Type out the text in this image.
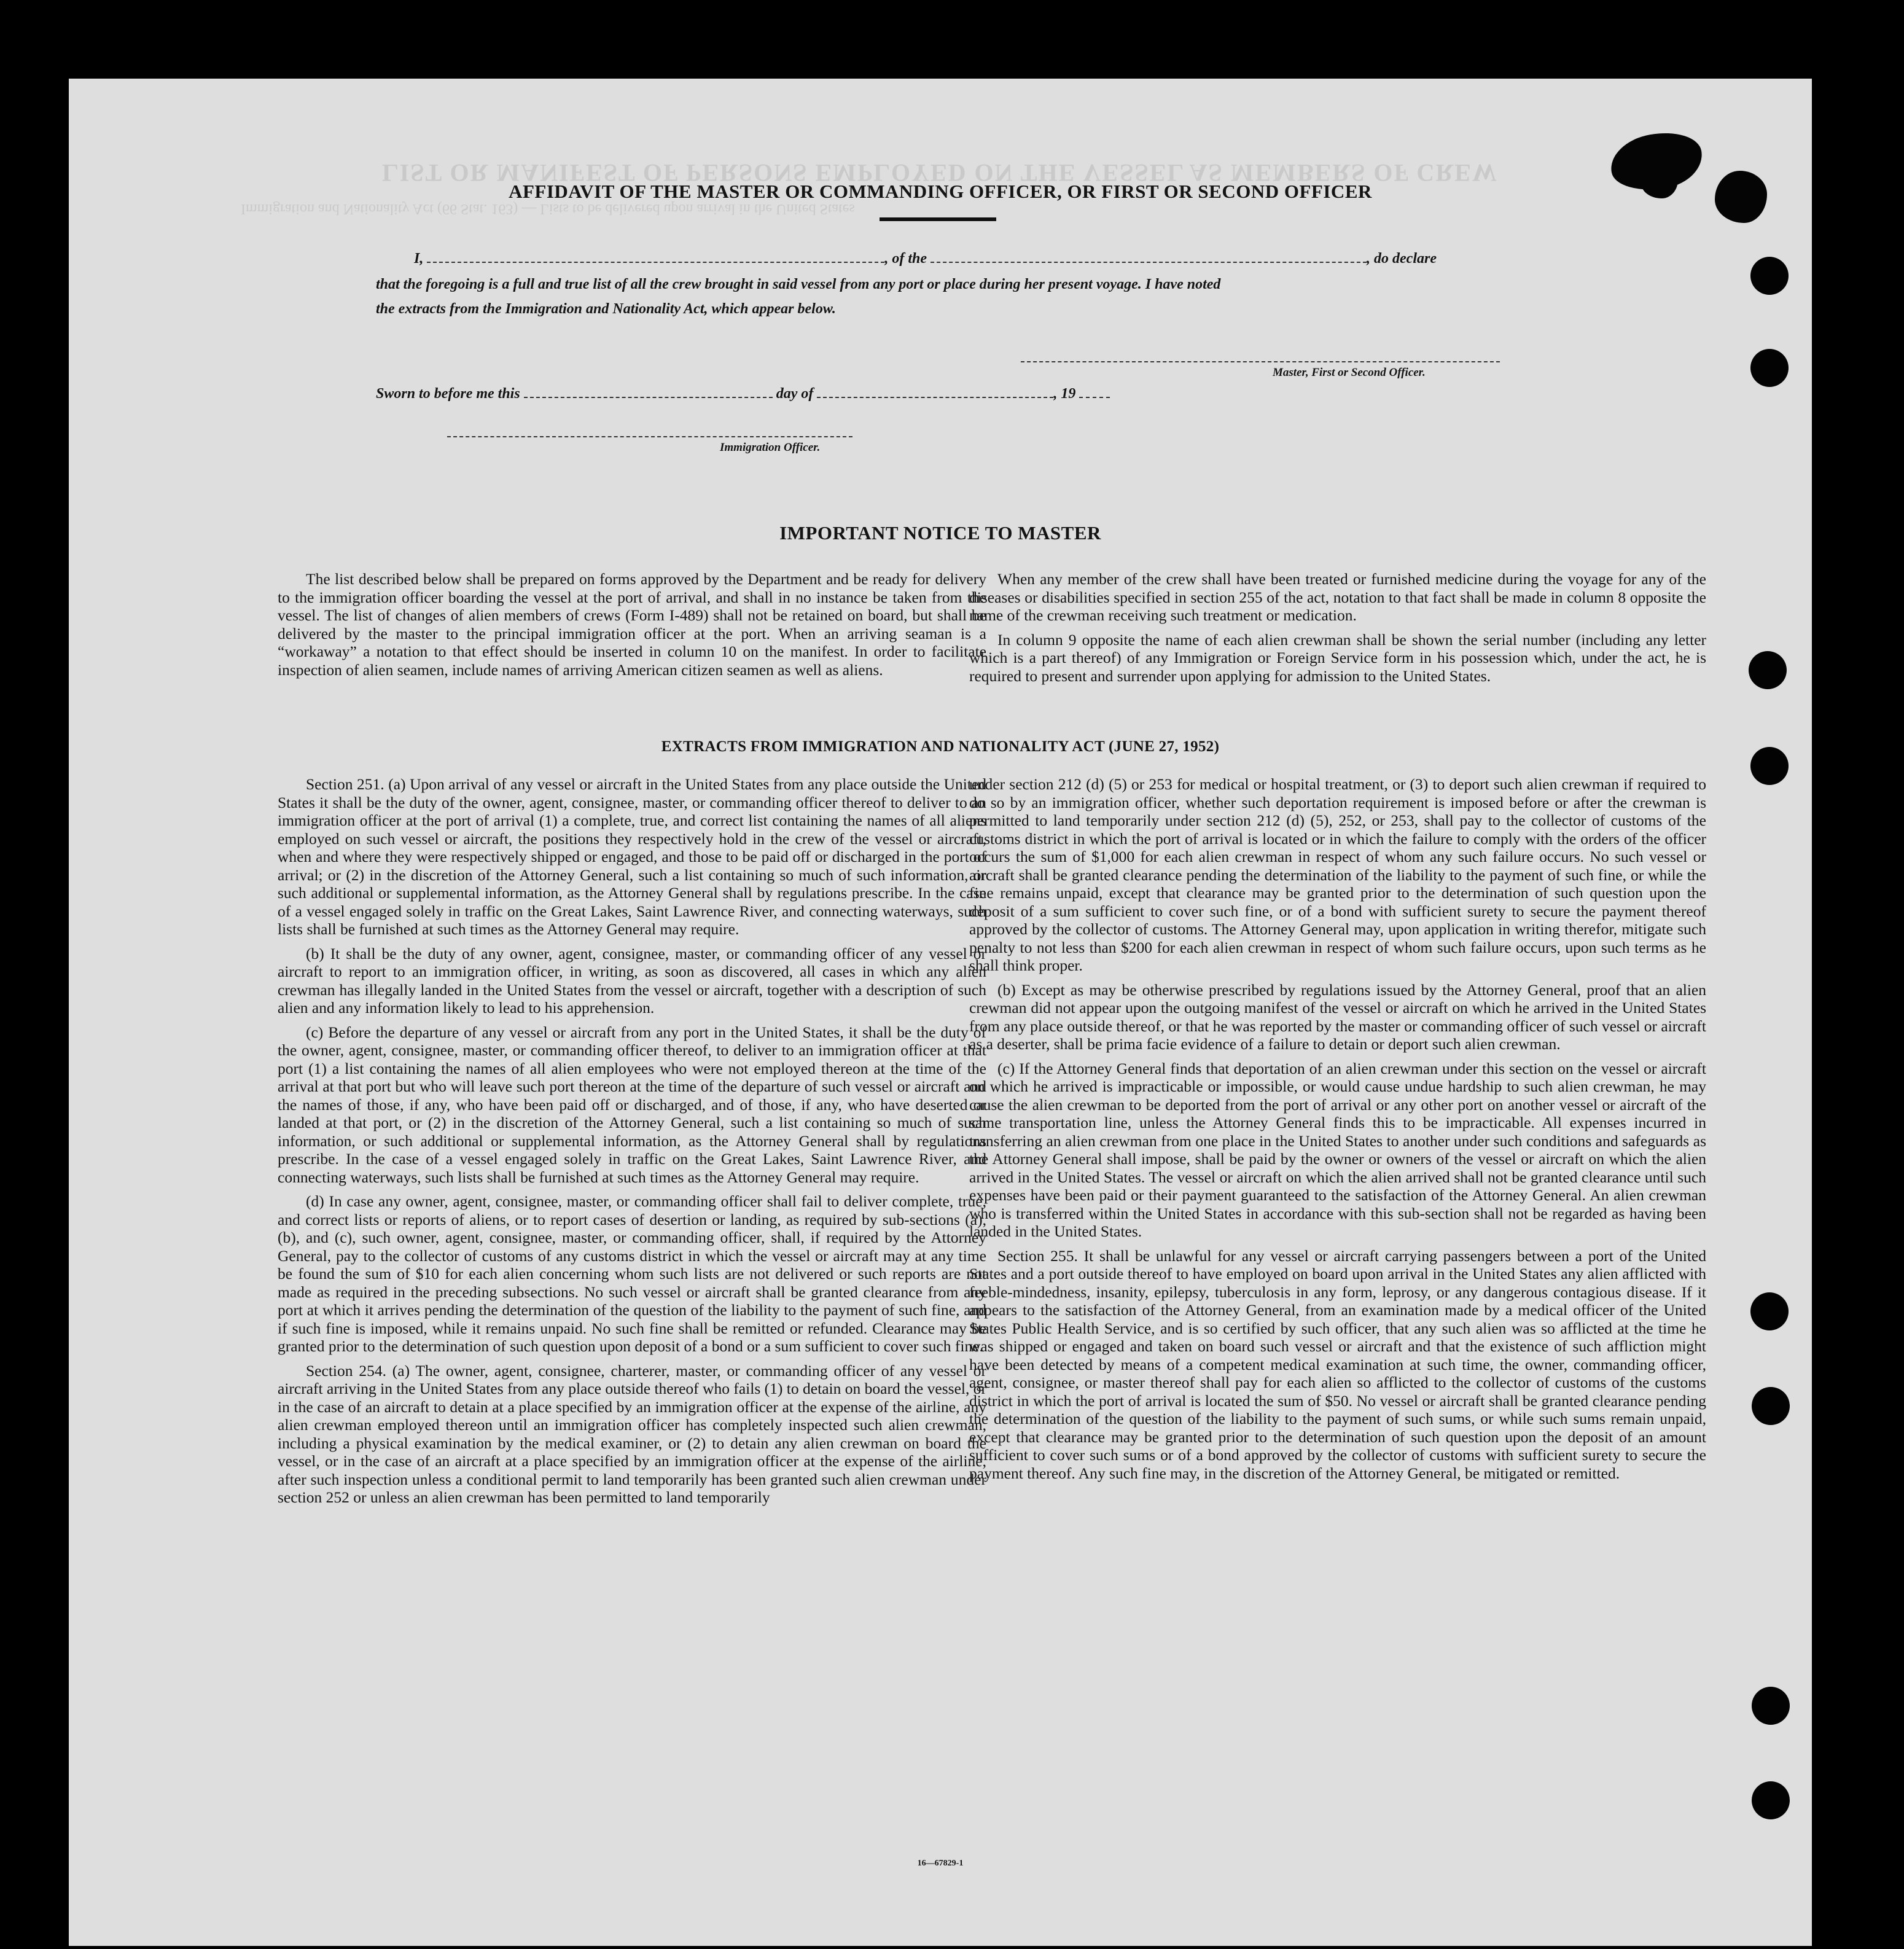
LIST OR MANIFEST OF PERSONS EMPLOYED ON THE VESSEL AS MEMBERS OF CREW
Immigration and Nationality Act (66 Stat. 163) — Lists to be delivered upon arrival in the United States
AFFIDAVIT OF THE MASTER OR COMMANDING OFFICER, OR FIRST OR SECOND OFFICER
I,	, of the	, do declare
that the foregoing is a full and true list of all the crew brought in said vessel from any port or place during her present voyage. I have noted
the extracts from the Immigration and Nationality Act, which appear below.
Master, First or Second Officer.
Sworn to before me this	day of	, 19
Immigration Officer.
IMPORTANT NOTICE TO MASTER

The list described below shall be prepared on forms approved by the Department and be ready for delivery to the immigration officer boarding the vessel at the port of arrival, and shall in no instance be taken from the vessel. The list of changes of alien members of crews (Form I-489) shall not be retained on board, but shall be delivered by the master to the principal immigration officer at the port. When an arriving seaman is a “workaway” a notation to that effect should be inserted in column 10 on the manifest. In order to facilitate inspection of alien seamen, include names of arriving American citizen seamen as well as aliens.

When any member of the crew shall have been treated or furnished medicine during the voyage for any of the diseases or disabilities specified in section 255 of the act, notation to that fact shall be made in column 8 opposite the name of the crewman receiving such treatment or medication.

In column 9 opposite the name of each alien crewman shall be shown the serial number (including any letter which is a part thereof) of any Immigration or Foreign Service form in his possession which, under the act, he is required to present and surrender upon applying for admission to the United States.

EXTRACTS FROM IMMIGRATION AND NATIONALITY ACT (JUNE 27, 1952)

Section 251. (a) Upon arrival of any vessel or aircraft in the United States from any place outside the United States it shall be the duty of the owner, agent, consignee, master, or commanding officer thereof to deliver to an immigration officer at the port of arrival (1) a complete, true, and correct list containing the names of all aliens employed on such vessel or aircraft, the positions they respectively hold in the crew of the vessel or aircraft, when and where they were respectively shipped or engaged, and those to be paid off or discharged in the port of arrival; or (2) in the discretion of the Attorney General, such a list containing so much of such information, or such additional or supplemental information, as the Attorney General shall by regulations prescribe. In the case of a vessel engaged solely in traffic on the Great Lakes, Saint Lawrence River, and connecting waterways, such lists shall be furnished at such times as the Attorney General may require.

(b) It shall be the duty of any owner, agent, consignee, master, or commanding officer of any vessel or aircraft to report to an immigration officer, in writing, as soon as discovered, all cases in which any alien crewman has illegally landed in the United States from the vessel or aircraft, together with a description of such alien and any information likely to lead to his apprehension.

(c) Before the departure of any vessel or aircraft from any port in the United States, it shall be the duty of the owner, agent, consignee, master, or commanding officer thereof, to deliver to an immigration officer at that port (1) a list containing the names of all alien employees who were not employed thereon at the time of the arrival at that port but who will leave such port thereon at the time of the departure of such vessel or aircraft and the names of those, if any, who have been paid off or discharged, and of those, if any, who have deserted or landed at that port, or (2) in the discretion of the Attorney General, such a list containing so much of such information, or such additional or supplemental information, as the Attorney General shall by regulations prescribe. In the case of a vessel engaged solely in traffic on the Great Lakes, Saint Lawrence River, and connecting waterways, such lists shall be furnished at such times as the Attorney General may require.

(d) In case any owner, agent, consignee, master, or commanding officer shall fail to deliver complete, true, and correct lists or reports of aliens, or to report cases of desertion or landing, as required by sub-sections (a), (b), and (c), such owner, agent, consignee, master, or commanding officer, shall, if required by the Attorney General, pay to the collector of customs of any customs district in which the vessel or aircraft may at any time be found the sum of $10 for each alien concerning whom such lists are not delivered or such reports are not made as required in the preceding subsections. No such vessel or aircraft shall be granted clearance from any port at which it arrives pending the determination of the question of the liability to the payment of such fine, and if such fine is imposed, while it remains unpaid. No such fine shall be remitted or refunded. Clearance may be granted prior to the determination of such question upon deposit of a bond or a sum sufficient to cover such fine.

Section 254. (a) The owner, agent, consignee, charterer, master, or commanding officer of any vessel or aircraft arriving in the United States from any place outside thereof who fails (1) to detain on board the vessel, or in the case of an aircraft to detain at a place specified by an immigration officer at the expense of the airline, any alien crewman employed thereon until an immigration officer has completely inspected such alien crewman, including a physical examination by the medical examiner, or (2) to detain any alien crewman on board the vessel, or in the case of an aircraft at a place specified by an immigration officer at the expense of the airline, after such inspection unless a conditional permit to land temporarily has been granted such alien crewman under section 252 or unless an alien crewman has been permitted to land temporarily

under section 212 (d) (5) or 253 for medical or hospital treatment, or (3) to deport such alien crewman if required to do so by an immigration officer, whether such deportation requirement is imposed before or after the crewman is permitted to land temporarily under section 212 (d) (5), 252, or 253, shall pay to the collector of customs of the customs district in which the port of arrival is located or in which the failure to comply with the orders of the officer occurs the sum of $1,000 for each alien crewman in respect of whom any such failure occurs. No such vessel or aircraft shall be granted clearance pending the determination of the liability to the payment of such fine, or while the fine remains unpaid, except that clearance may be granted prior to the determination of such question upon the deposit of a sum sufficient to cover such fine, or of a bond with sufficient surety to secure the payment thereof approved by the collector of customs. The Attorney General may, upon application in writing therefor, mitigate such penalty to not less than $200 for each alien crewman in respect of whom such failure occurs, upon such terms as he shall think proper.

(b) Except as may be otherwise prescribed by regulations issued by the Attorney General, proof that an alien crewman did not appear upon the outgoing manifest of the vessel or aircraft on which he arrived in the United States from any place outside thereof, or that he was reported by the master or commanding officer of such vessel or aircraft as a deserter, shall be prima facie evidence of a failure to detain or deport such alien crewman.

(c) If the Attorney General finds that deportation of an alien crewman under this section on the vessel or aircraft on which he arrived is impracticable or impossible, or would cause undue hardship to such alien crewman, he may cause the alien crewman to be deported from the port of arrival or any other port on another vessel or aircraft of the same transportation line, unless the Attorney General finds this to be impracticable. All expenses incurred in transferring an alien crewman from one place in the United States to another under such conditions and safeguards as the Attorney General shall impose, shall be paid by the owner or owners of the vessel or aircraft on which the alien arrived in the United States. The vessel or aircraft on which the alien arrived shall not be granted clearance until such expenses have been paid or their payment guaranteed to the satisfaction of the Attorney General. An alien crewman who is transferred within the United States in accordance with this sub-section shall not be regarded as having been landed in the United States.

Section 255. It shall be unlawful for any vessel or aircraft carrying passengers between a port of the United States and a port outside thereof to have employed on board upon arrival in the United States any alien afflicted with feeble-mindedness, insanity, epilepsy, tuberculosis in any form, leprosy, or any dangerous contagious disease. If it appears to the satisfaction of the Attorney General, from an examination made by a medical officer of the United States Public Health Service, and is so certified by such officer, that any such alien was so afflicted at the time he was shipped or engaged and taken on board such vessel or aircraft and that the existence of such affliction might have been detected by means of a competent medical examination at such time, the owner, commanding officer, agent, consignee, or master thereof shall pay for each alien so afflicted to the collector of customs of the customs district in which the port of arrival is located the sum of $50. No vessel or aircraft shall be granted clearance pending the determination of the question of the liability to the payment of such sums, or while such sums remain unpaid, except that clearance may be granted prior to the determination of such question upon the deposit of an amount sufficient to cover such sums or of a bond approved by the collector of customs with sufficient surety to secure the payment thereof. Any such fine may, in the discretion of the Attorney General, be mitigated or remitted.

16—67829-1
